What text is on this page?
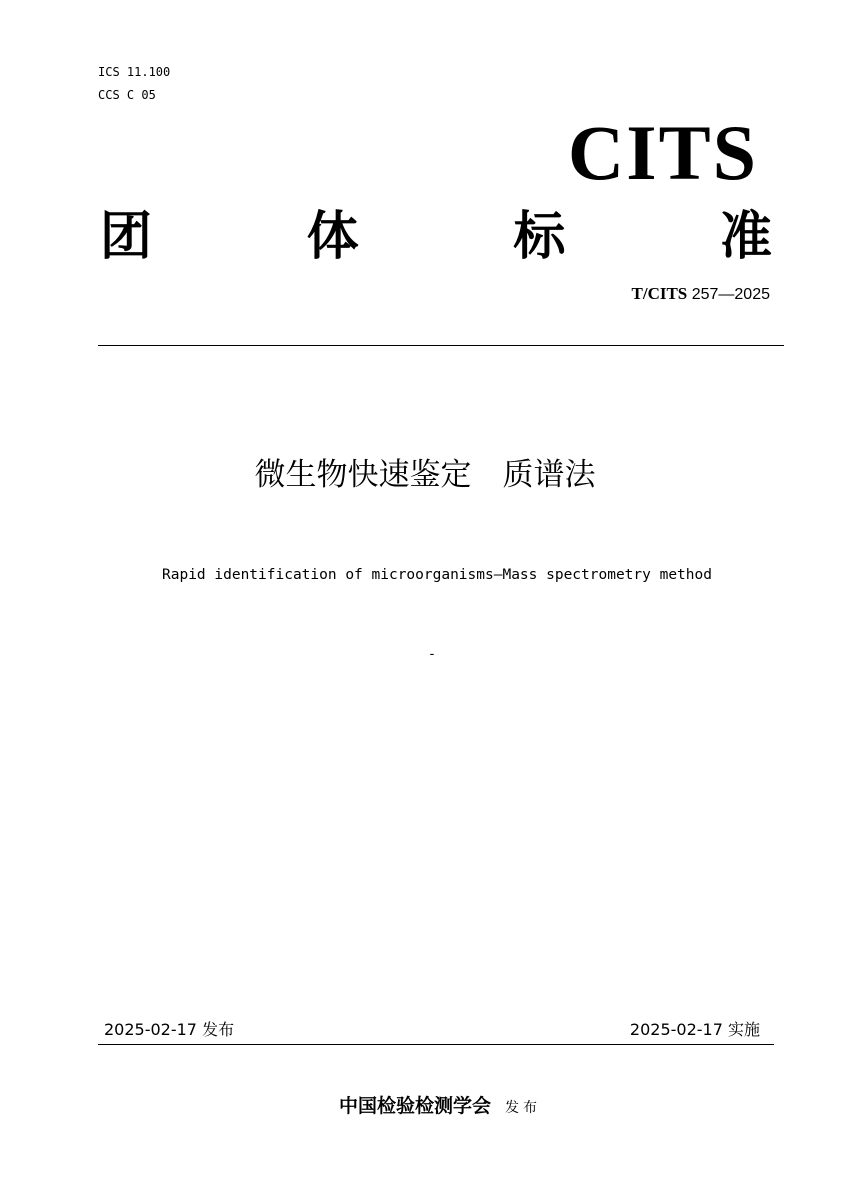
ICS 11.100
CCS C 05
CITS
团	体	标	准
T/CITS 257—2025
微生物快速鉴定　质谱法
Rapid identification of microorganisms—Mass spectrometry method
-
2025-02-17 发布	2025-02-17 实施
中国检验检测学会 发布
